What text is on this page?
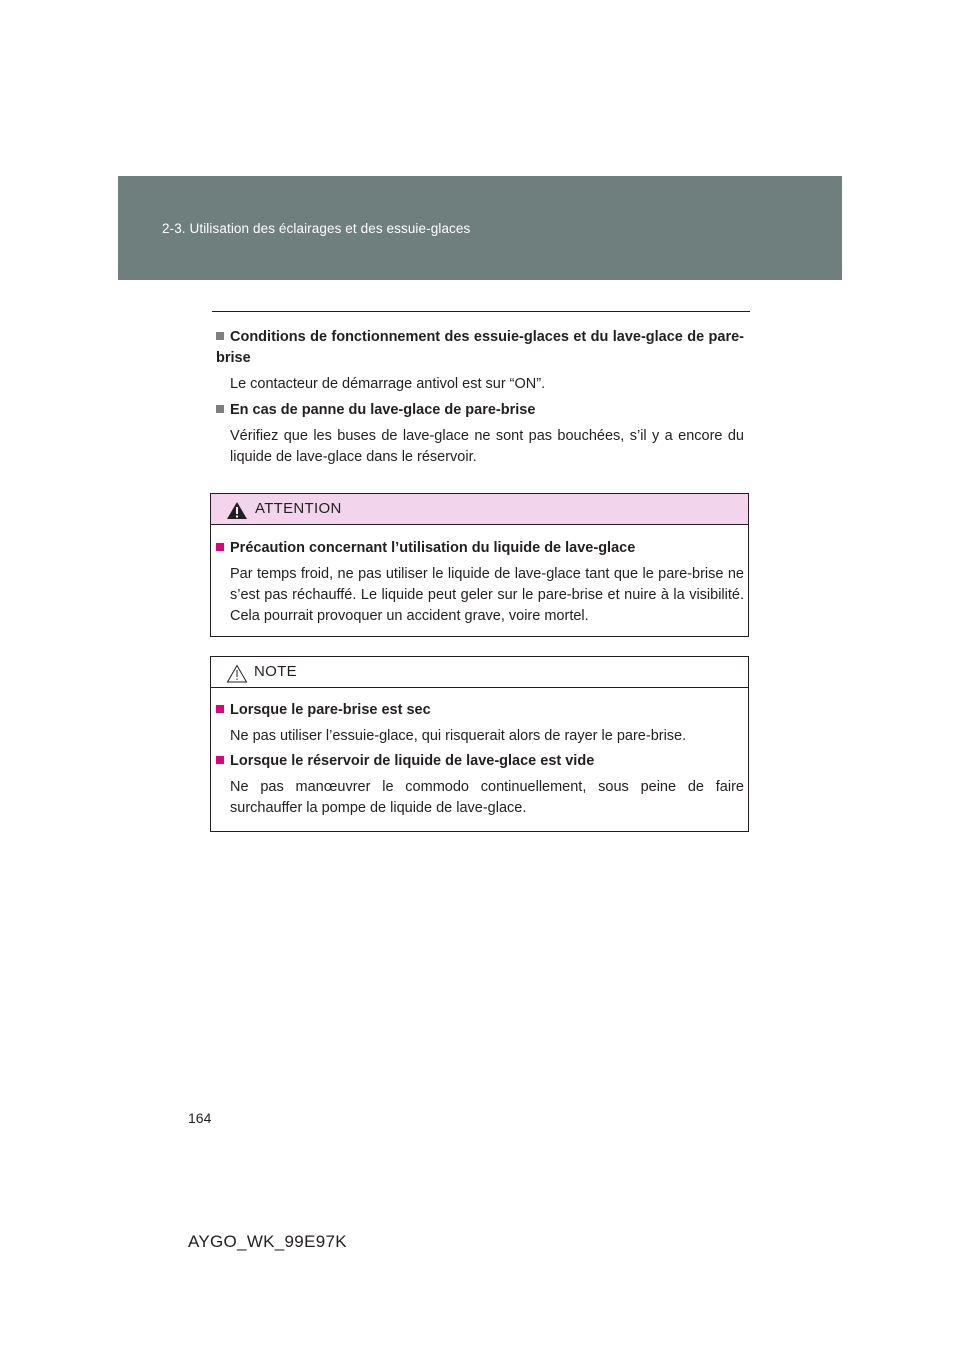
2-3. Utilisation des éclairages et des essuie-glaces
Conditions de fonctionnement des essuie-glaces et du lave-glace de pare-brise
Le contacteur de démarrage antivol est sur “ON”.
En cas de panne du lave-glace de pare-brise
Vérifiez que les buses de lave-glace ne sont pas bouchées, s’il y a encore du liquide de lave-glace dans le réservoir.
ATTENTION
Précaution concernant l’utilisation du liquide de lave-glace
Par temps froid, ne pas utiliser le liquide de lave-glace tant que le pare-brise ne s’est pas réchauffé. Le liquide peut geler sur le pare-brise et nuire à la visibilité. Cela pourrait provoquer un accident grave, voire mortel.
NOTE
Lorsque le pare-brise est sec
Ne pas utiliser l’essuie-glace, qui risquerait alors de rayer le pare-brise.
Lorsque le réservoir de liquide de lave-glace est vide
Ne pas manœuvrer le commodo continuellement, sous peine de faire surchauffer la pompe de liquide de lave-glace.
164
AYGO_WK_99E97K
